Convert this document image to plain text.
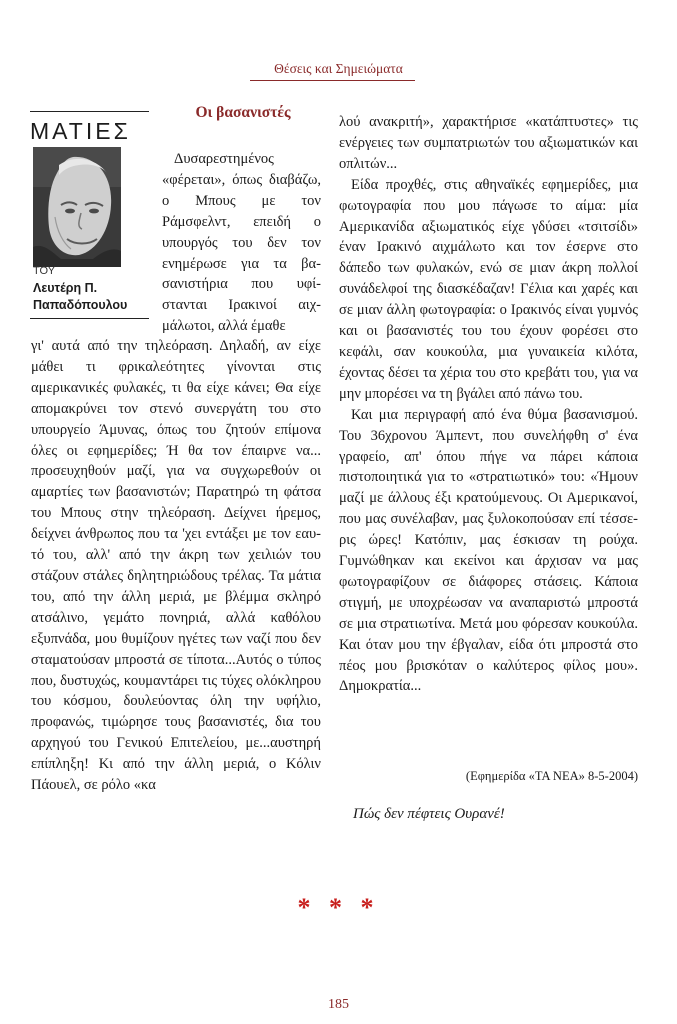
Θέσεις και Σημειώματα
ΜΑΤΙΕΣ
ΤΟΥ
Λευτέρη Π.
Παπαδόπουλου
Οι βασανιστές

Δυσαρεστημένος «φέρεται», όπως διαβάζω, ο Μπους με τον Ράμσφελντ, επειδή ο υπουργός του δεν τον ενημέρωσε για τα βασανιστήρια που υφίστανται Ιρακινοί αιχμάλωτοι, αλλά έμαθε

γι' αυτά από την τηλεόραση. Δηλαδή, αν είχε μάθει τι φρικαλεότητες γίνονται στις αμερικανικές φυλακές, τι θα είχε κάνει; Θα είχε απομακρύνει τον στενό συνεργάτη του στο υπουργείο Άμυνας, όπως του ζητούν επίμονα όλες οι εφημερίδες; Ή θα τον έπαιρνε να... προσευχηθούν μαζί, για να συγχωρεθούν οι αμαρτίες των βασανιστών; Παρατηρώ τη φάτσα του Μπους στην τηλεόραση. Δείχνει ήρεμος, δείχνει άνθρωπος που τα 'χει εντάξει με τον εαυτό του, αλλ' από την άκρη των χειλιών του στάζουν στάλες δηλητηριώδους τρέλας. Τα μάτια του, από την άλλη μεριά, με βλέμμα σκληρό ατσάλινο, γεμάτο πονηριά, αλλά καθόλου εξυπνάδα, μου θυμίζουν ηγέτες των ναζί που δεν σταματούσαν μπροστά σε τίποτα...Αυτός ο τύπος που, δυστυχώς, κουμαντάρει τις τύχες ολόκληρου του κόσμου, δουλεύοντας όλη την υφήλιο, προφανώς, τιμώρησε τους βασανιστές, δια του αρχηγού του Γενικού Επιτελείου, με...αυστηρή επίπληξη! Κι από την άλλη μεριά, ο Κόλιν Πάουελ, σε ρόλο «κα

λού ανακριτή», χαρακτήρισε «κατάπτυστες» τις ενέργειες των συμπατριωτών του αξιωματικών και οπλιτών...

Είδα προχθές, στις αθηναϊκές εφημερίδες, μια φωτογραφία που μου πάγωσε το αίμα: μία Αμερικανίδα αξιωματικός είχε γδύσει «τσιτσίδι» έναν Ιρακινό αιχμάλωτο και τον έσερνε στο δάπεδο των φυλακών, ενώ σε μιαν άκρη πολλοί συνάδελφοί της διασκέδαζαν! Γέλια και χαρές και σε μιαν άλλη φωτογραφία: ο Ιρακινός είναι γυμνός και οι βασανιστές του του έχουν φορέσει στο κεφάλι, σαν κουκούλα, μια γυναικεία κιλότα, έχοντας δέσει τα χέρια του στο κρεβάτι του, για να μην μπορέσει να τη βγάλει από πάνω του.

Και μια περιγραφή από ένα θύμα βασανισμού. Του 36χρονου Άμπεντ, που συνελήφθη σ' ένα γραφείο, απ' όπου πήγε να πάρει κάποια πιστοποιητικά για το «στρατιωτικό» του: «Ήμουν μαζί με άλλους έξι κρατούμενους. Οι Αμερικανοί, που μας συνέλαβαν, μας ξυλοκοπούσαν επί τέσσερις ώρες! Κατόπιν, μας έσκισαν τη ρούχα. Γυμνώθηκαν και εκείνοι και άρχισαν να μας φωτογραφίζουν σε διάφορες στάσεις. Κάποια στιγμή, με υποχρέωσαν να αναπαριστώ μπροστά σε μια στρατιωτίνα. Μετά μου φόρεσαν κουκούλα. Και όταν μου την έβγαλαν, είδα ότι μπροστά στο πέος μου βρισκόταν ο καλύτερος φίλος μου». Δημοκρατία...

(Εφημερίδα «ΤΑ ΝΕΑ» 8-5-2004)
Πώς δεν πέφτεις Ουρανέ!
* * *
185
